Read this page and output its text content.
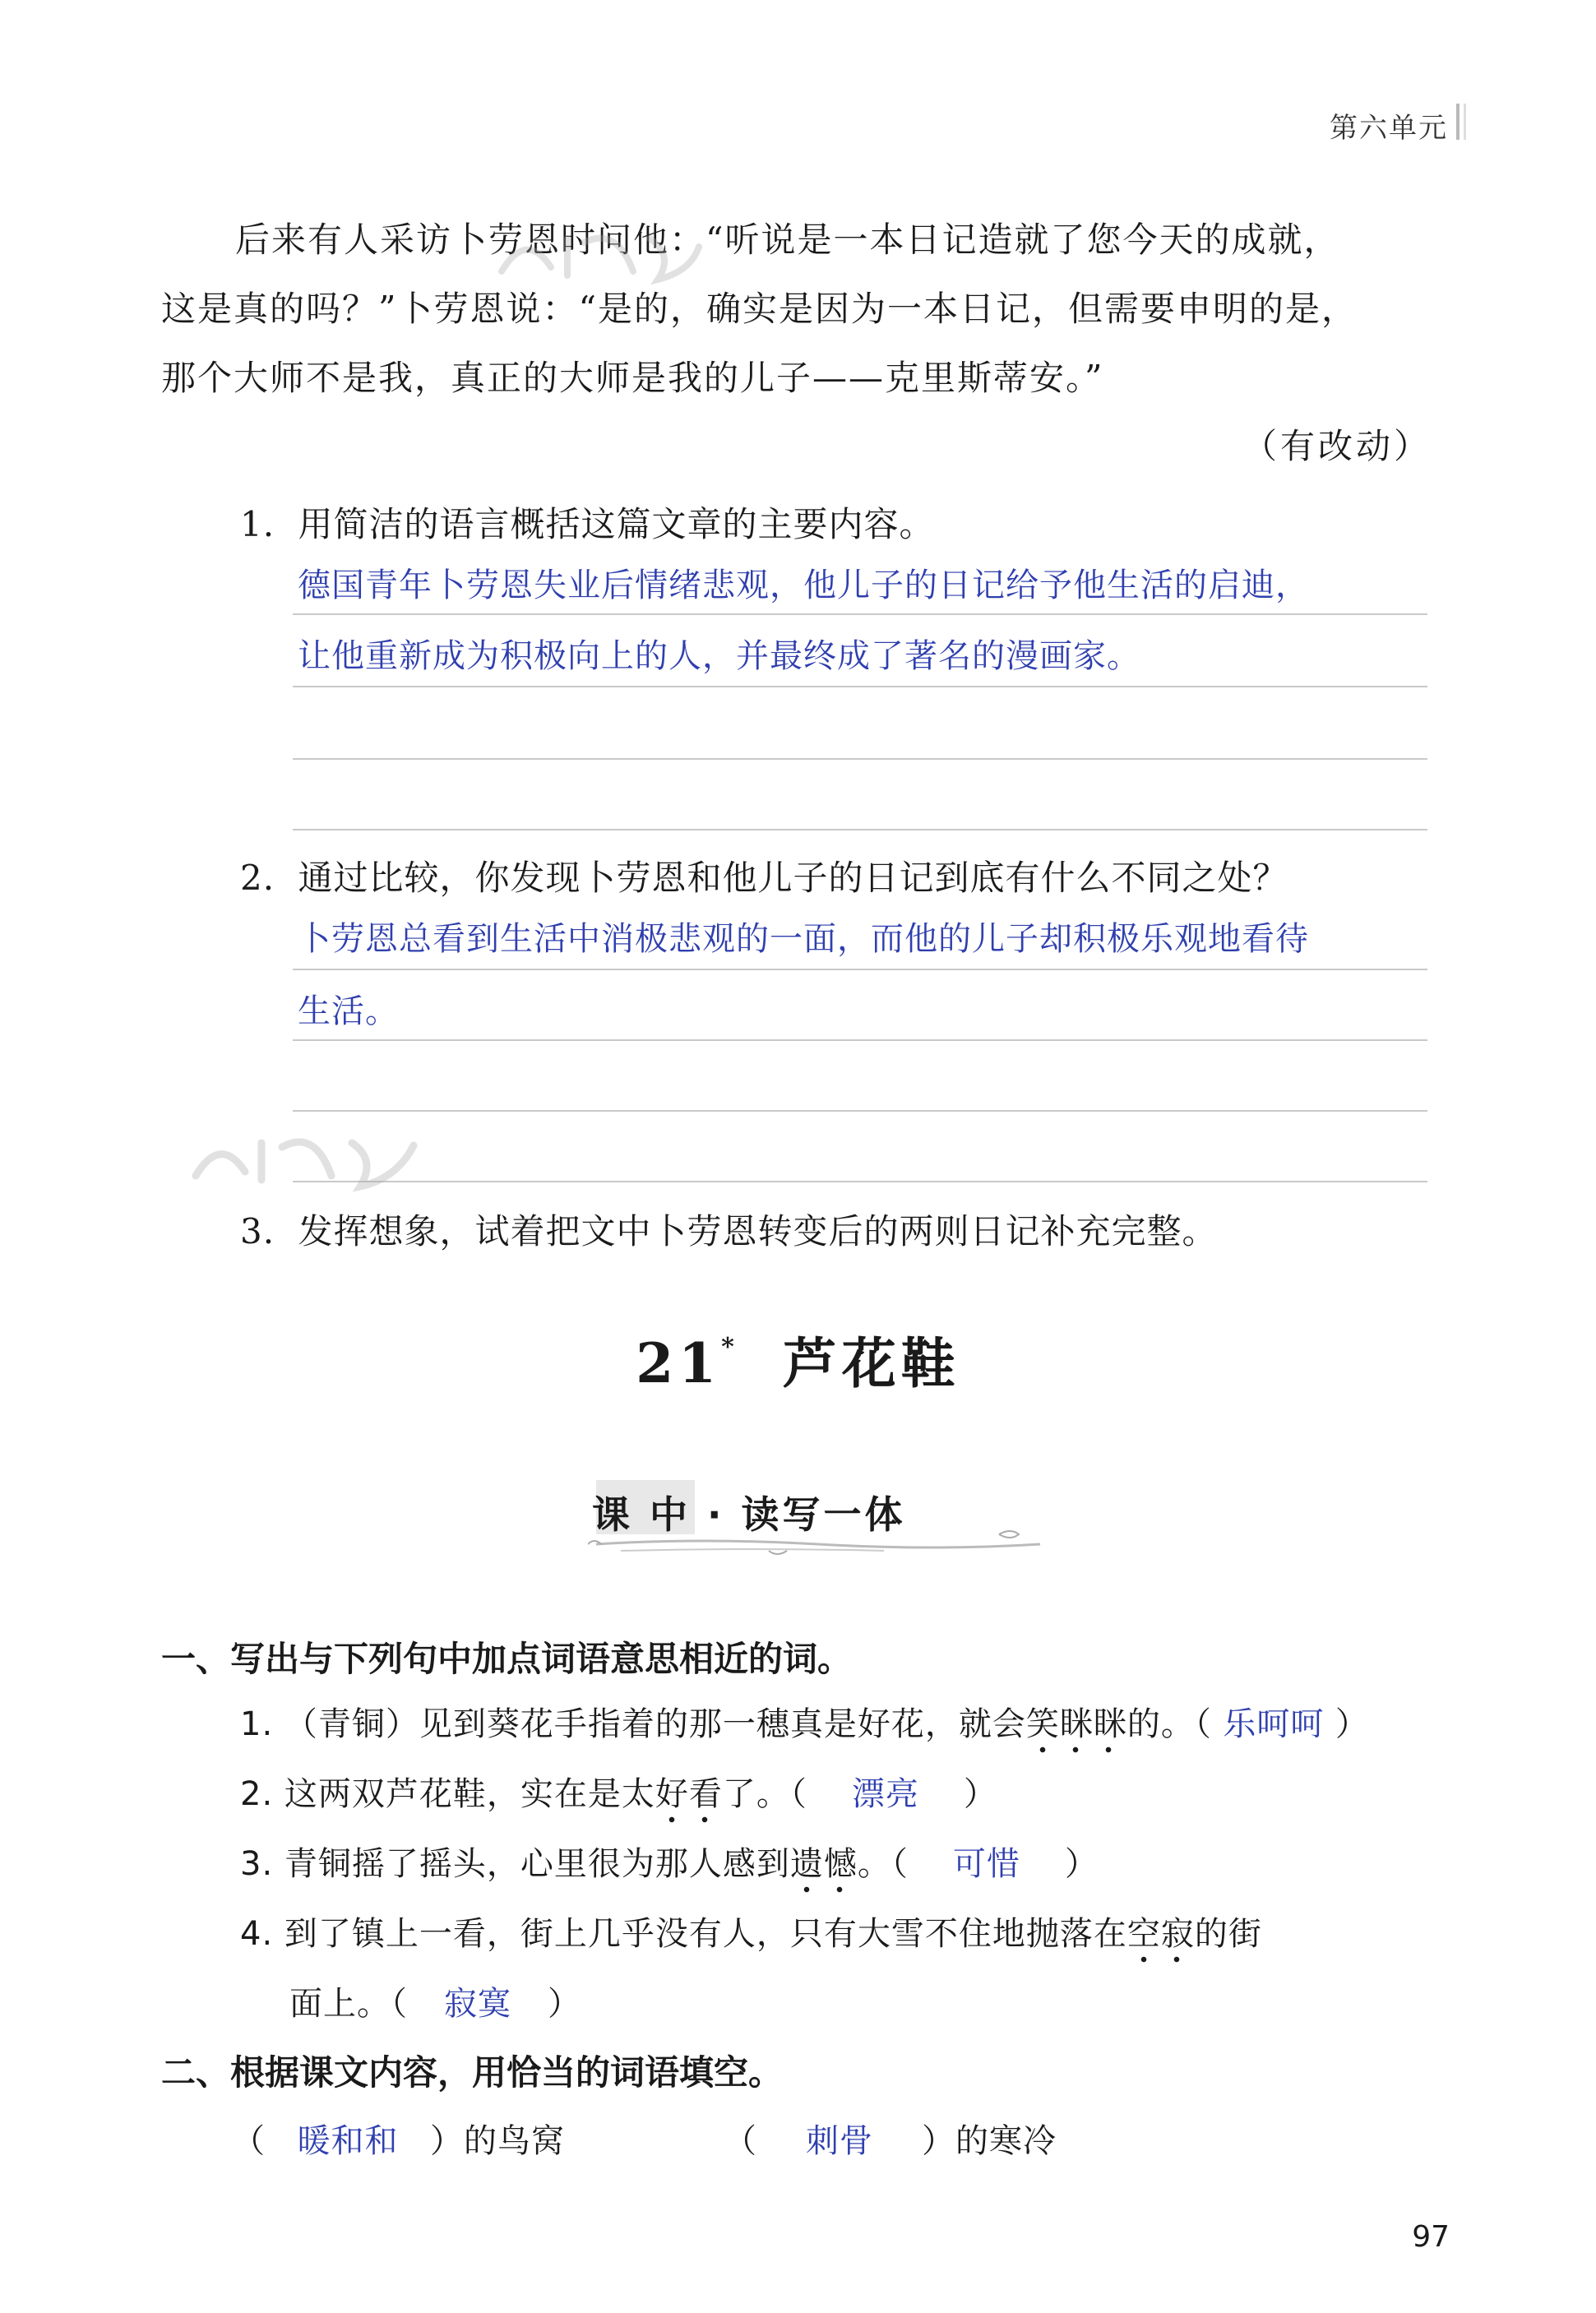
第六单元

后来有人采访卜劳恩时问他：“听说是一本日记造就了您今天的成就，

这是真的吗？”卜劳恩说：“是的，确实是因为一本日记，但需要申明的是，

那个大师不是我，真正的大师是我的儿子——克里斯蒂安。”

（有改动）
1. 用简洁的语言概括这篇文章的主要内容。
德国青年卜劳恩失业后情绪悲观，他儿子的日记给予他生活的启迪，
让他重新成为积极向上的人，并最终成了著名的漫画家。
2. 通过比较，你发现卜劳恩和他儿子的日记到底有什么不同之处？
卜劳恩总看到生活中消极悲观的一面，而他的儿子却积极乐观地看待
生活。
3. 发挥想象，试着把文中卜劳恩转变后的两则日记补充完整。
21* 芦花鞋
课 中 · 读写一体
一、写出与下列句中加点词语意思相近的词。
1. （青铜）见到葵花手指着的那一穗真是好花，就会笑眯眯的。（ 乐呵呵 ）
2. 这两双芦花鞋，实在是太好看了。（ 漂亮 ）
3. 青铜摇了摇头，心里很为那人感到遗憾。（ 可惜 ）
4. 到了镇上一看，街上几乎没有人，只有大雪不住地抛落在空寂的街
面上。（ 寂寞 ）
二、根据课文内容，用恰当的词语填空。
（ 暖和和 ）的鸟窝	（ 刺骨 ）的寒冷
97
